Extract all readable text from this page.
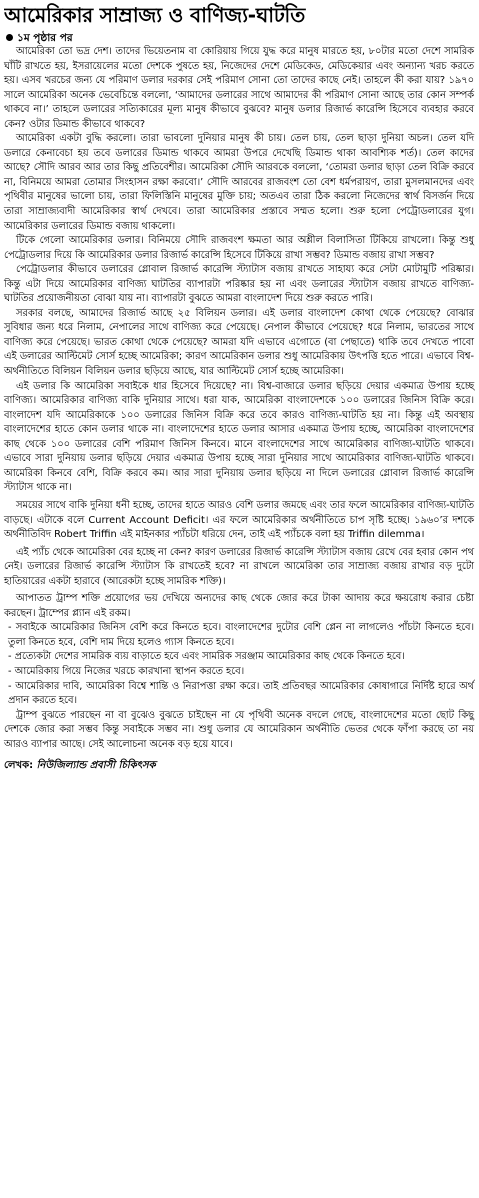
আমেরিকার সাম্রাজ্য ও বাণিজ্য-ঘাটতি
১ম পৃষ্ঠার পর

আমেরিকা তো ভদ্র দেশ। তাদের ভিয়েতনাম বা কোরিয়ায় গিয়ে যুদ্ধ করে মানুষ মারতে হয়, ৮০টার মতো দেশে সামরিক ঘাঁটি রাখতে হয়, ইসরায়েলের মতো দেশকে পুষতে হয়, নিজেদের দেশে মেডিকেড, মেডিকেয়ার এবং অন্যান্য খরচ করতে হয়। এসব খরচের জন্য যে পরিমাণ ডলার দরকার সেই পরিমাণ সোনা তো তাদের কাছে নেই। তাহলে কী করা যায়? ১৯৭০ সালে আমেরিকা অনেক ভেবেচিন্তে বললো, ‘আমাদের ডলারের সাথে আমাদের কী পরিমাণ সোনা আছে তার কোন সম্পর্ক থাকবে না।’ তাহলে ডলারের সত্যিকারের মূল্য মানুষ কীভাবে বুঝবে? মানুষ ডলার রিজার্ভ কারেন্সি হিসেবে ব্যবহার করবে কেন? ওটার ডিমান্ড কীভাবে থাকবে?

আমেরিকা একটা বুদ্ধি করলো। তারা ভাবলো দুনিয়ার মানুষ কী চায়। তেল চায়, তেল ছাড়া দুনিয়া অচল। তেল যদি ডলারে কেনাবেচা হয় তবে ডলারের ডিমান্ড থাকবে আমরা উপরে দেখেছি ডিমান্ড থাকা আবশ্যিক শর্ত)। তেল কাদের আছে? সৌদি আরব আর তার কিছু প্রতিবেশীর। আমেরিকা সৌদি আরবকে বললো, ‘তোমরা ডলার ছাড়া তেল বিক্রি করবে না, বিনিময়ে আমরা তোমার সিংহাসন রক্ষা করবো।’ সৌদি আরবের রাজবংশ তো বেশ ধর্মপরায়ণ, তারা মুসলমানদের এবং পৃথিবীর মানুষের ভালো চায়, তারা ফিলিস্তিনি মানুষের মুক্তি চায়; অতএব তারা ঠিক করলো নিজেদের স্বার্থ বিসর্জন দিয়ে তারা সাম্রাজ্যবাদী আমেরিকার স্বার্থ দেখবে। তারা আমেরিকার প্রস্তাবে সম্মত হলো। শুরু হলো পেট্রোডলারের যুগ। আমেরিকার ডলারের ডিমান্ড বজায় থাকলো।

টিকে গেলো আমেরিকার ডলার। বিনিময়ে সৌদি রাজবংশ ক্ষমতা আর অশ্লীল বিলাসিতা টিকিয়ে রাখলো। কিন্তু শুধু পেট্রোডলার দিয়ে কি আমেরিকার ডলার রিজার্ভ কারেন্সি হিসেবে টিকিয়ে রাখা সম্ভব? ডিমান্ড বজায় রাখা সম্ভব?

পেট্রোডলার কীভাবে ডলারের গ্লোবাল রিজার্ভ কারেন্সি স্ট্যাটাস বজায় রাখতে সাহায্য করে সেটা মোটামুটি পরিষ্কার। কিন্তু এটা দিয়ে আমেরিকার বাণিজ্য ঘাটতির ব্যাপারটা পরিষ্কার হয় না এবং ডলারের স্ট্যাটাস বজায় রাখতে বাণিজ্য-ঘাটতির প্রয়োজনীয়তা বোঝা যায় না। ব্যাপারটা বুঝতে আমরা বাংলাদেশ দিয়ে শুরু করতে পারি।

সরকার বলছে, আমাদের রিজার্ভ আছে ২৫ বিলিয়ন ডলার। এই ডলার বাংলাদেশ কোথা থেকে পেয়েছে? বোঝার সুবিধার জন্য ধরে নিলাম, নেপালের সাথে বাণিজ্য করে পেয়েছে। নেপাল কীভাবে পেয়েছে? ধরে নিলাম, ভারতের সাথে বাণিজ্য করে পেয়েছে। ভারত কোথা থেকে পেয়েছে? আমরা যদি এভাবে এগোতে (বা পেছাতে) থাকি তবে দেখতে পাবো এই ডলারের আল্টিমেট সোর্স হচ্ছে আমেরিকা; কারণ আমেরিকান ডলার শুধু আমেরিকায় উৎপত্তি হতে পারে। এভাবে বিশ্ব-অর্থনীতিতে বিলিয়ন বিলিয়ন ডলার ছড়িয়ে আছে, যার আল্টিমেট সোর্স হচ্ছে আমেরিকা।

এই ডলার কি আমেরিকা সবাইকে ধার হিসেবে দিয়েছে? না। বিশ্ব-বাজারে ডলার ছড়িয়ে দেয়ার একমাত্র উপায় হচ্ছে বাণিজ্য। আমেরিকার বাণিজ্য বাকি দুনিয়ার সাথে। ধরা যাক, আমেরিকা বাংলাদেশকে ১০০ ডলারের জিনিস বিক্রি করে। বাংলাদেশ যদি আমেরিকাকে ১০০ ডলারের জিনিস বিক্রি করে তবে কারও বাণিজ্য-ঘাটতি হয় না। কিন্তু এই অবস্থায় বাংলাদেশের হাতে কোন ডলার থাকে না। বাংলাদেশের হাতে ডলার আসার একমাত্র উপায় হচ্ছে, আমেরিকা বাংলাদেশের কাছ থেকে ১০০ ডলারের বেশি পরিমাণ জিনিস কিনবে। মানে বাংলাদেশের সাথে আমেরিকার বাণিজ্য-ঘাটতি থাকবে। এভাবে সারা দুনিয়ায় ডলার ছড়িয়ে দেয়ার একমাত্র উপায় হচ্ছে সারা দুনিয়ার সাথে আমেরিকার বাণিজ্য-ঘাটতি থাকবে। আমেরিকা কিনবে বেশি, বিক্রি করবে কম। আর সারা দুনিয়ায় ডলার ছড়িয়ে না দিলে ডলারের গ্লোবাল রিজার্ভ কারেন্সি স্ট্যাটাস থাকে না।

সময়ের সাথে বাকি দুনিয়া ধনী হচ্ছে, তাদের হাতে আরও বেশি ডলার জমছে এবং তার ফলে আমেরিকার বাণিজ্য-ঘাটতি বাড়ছে। এটাকে বলে Current Account Deficit। এর ফলে আমেরিকার অর্থনীতিতে চাপ সৃষ্টি হচ্ছে। ১৯৬০’র দশকে অর্থনীতিবিদ Robert Triffin এই মাইনকার প্যাঁচটা ধরিয়ে দেন, তাই এই প্যাঁচকে বলা হয় Triffin dilemma।

এই প্যাঁচ থেকে আমেরিকা বের হচ্ছে না কেন? কারণ ডলারের রিজার্ভ কারেন্সি স্ট্যাটাস বজায় রেখে বের হবার কোন পথ নেই। ডলারের রিজার্ভ কারেন্সি স্ট্যাটাস কি রাখতেই হবে? না রাখলে আমেরিকা তার সাম্রাজ্য বজায় রাখার বড় দুটো হাতিয়ারের একটা হারাবে (আরেকটা হচ্ছে সামরিক শক্তি)।

আপাতত ট্রাম্প শক্তি প্রয়োগের ভয় দেখিয়ে অন্যদের কাছ থেকে জোর করে টাকা আদায় করে ক্ষয়রোধ করার চেষ্টা করছেন। ট্রাম্পের প্ল্যান এই রকম।

- সবাইকে আমেরিকার জিনিস বেশি করে কিনতে হবে। বাংলাদেশের দুটোর বেশি প্লেন না লাগলেও পাঁচটা কিনতে হবে। তুলা কিনতে হবে, বেশি দাম দিয়ে হলেও গ্যাস কিনতে হবে।

- প্রত্যেকটা দেশের সামরিক ব্যয় বাড়াতে হবে এবং সামরিক সরঞ্জাম আমেরিকার কাছ থেকে কিনতে হবে।

- আমেরিকায় গিয়ে নিজের খরচে কারখানা স্থাপন করতে হবে।

- আমেরিকার দাবি, আমেরিকা বিশ্বে শান্তি ও নিরাপত্তা রক্ষা করে। তাই প্রতিবছর আমেরিকার কোষাগারে নির্দিষ্ট হারে অর্থ প্রদান করতে হবে।

ট্রাম্প বুঝতে পারছেন না বা বুঝেও বুঝতে চাইছেন না যে পৃথিবী অনেক বদলে গেছে, বাংলাদেশের মতো ছোট কিছু দেশকে জোর করা সম্ভব কিন্তু সবাইকে সম্ভব না। শুধু ডলার যে আমেরিকান অর্থনীতি ভেতর থেকে ফাঁপা করছে তা নয় আরও ব্যাপার আছে। সেই আলোচনা অনেক বড় হয়ে যাবে।

লেখক: নিউজিল্যান্ড প্রবাসী চিকিৎসক
